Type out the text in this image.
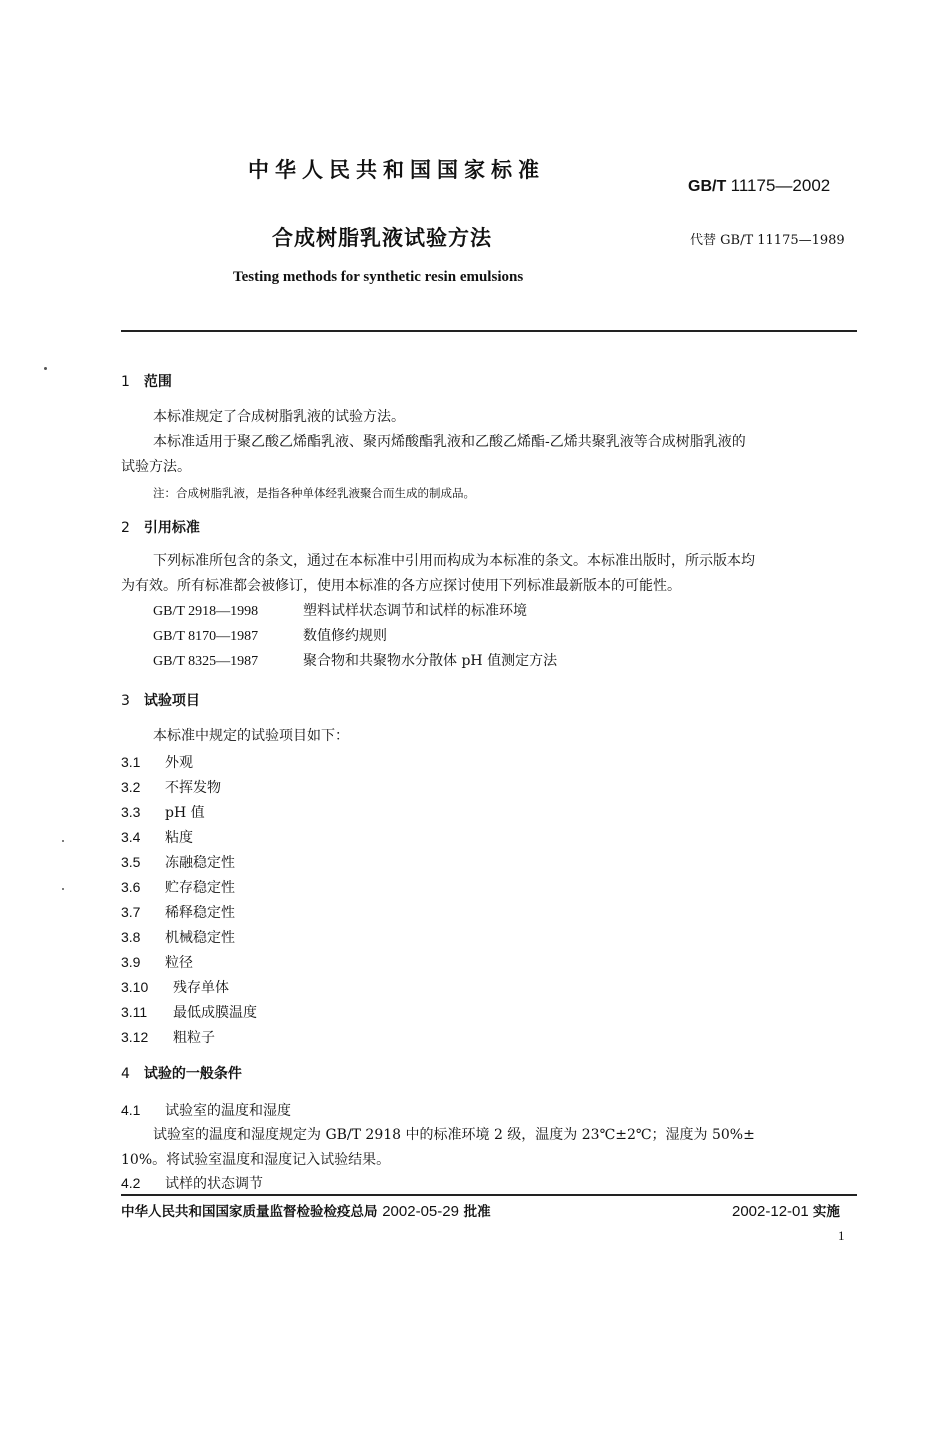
中华人民共和国国家标准
GB/T 11175—2002
合成树脂乳液试验方法	代替 GB/T 11175—1989
Testing methods for synthetic resin emulsions
1 范围
本标准规定了合成树脂乳液的试验方法。
本标准适用于聚乙酸乙烯酯乳液、聚丙烯酸酯乳液和乙酸乙烯酯-乙烯共聚乳液等合成树脂乳液的
试验方法。
注：合成树脂乳液，是指各种单体经乳液聚合而生成的制成品。
2 引用标准
下列标准所包含的条文，通过在本标准中引用而构成为本标准的条文。本标准出版时，所示版本均
为有效。所有标准都会被修订，使用本标准的各方应探讨使用下列标准最新版本的可能性。
GB/T 2918—1998	塑料试样状态调节和试样的标准环境
GB/T 8170—1987	数值修约规则
GB/T 8325—1987	聚合物和共聚物水分散体 pH 值测定方法
3 试验项目
本标准中规定的试验项目如下：
3.1 外观
3.2 不挥发物
3.3 pH 值
3.4 粘度
3.5 冻融稳定性
3.6 贮存稳定性
3.7 稀释稳定性
3.8 机械稳定性
3.9 粒径
3.10 残存单体
3.11 最低成膜温度
3.12 粗粒子
4 试验的一般条件
4.1 试验室的温度和湿度
试验室的温度和湿度规定为 GB/T 2918 中的标准环境 2 级，温度为 23℃±2℃；湿度为 50%±
10%。将试验室温度和湿度记入试验结果。
4.2 试样的状态调节
中华人民共和国国家质量监督检验检疫总局 2002-05-29 批准	2002-12-01 实施
1
